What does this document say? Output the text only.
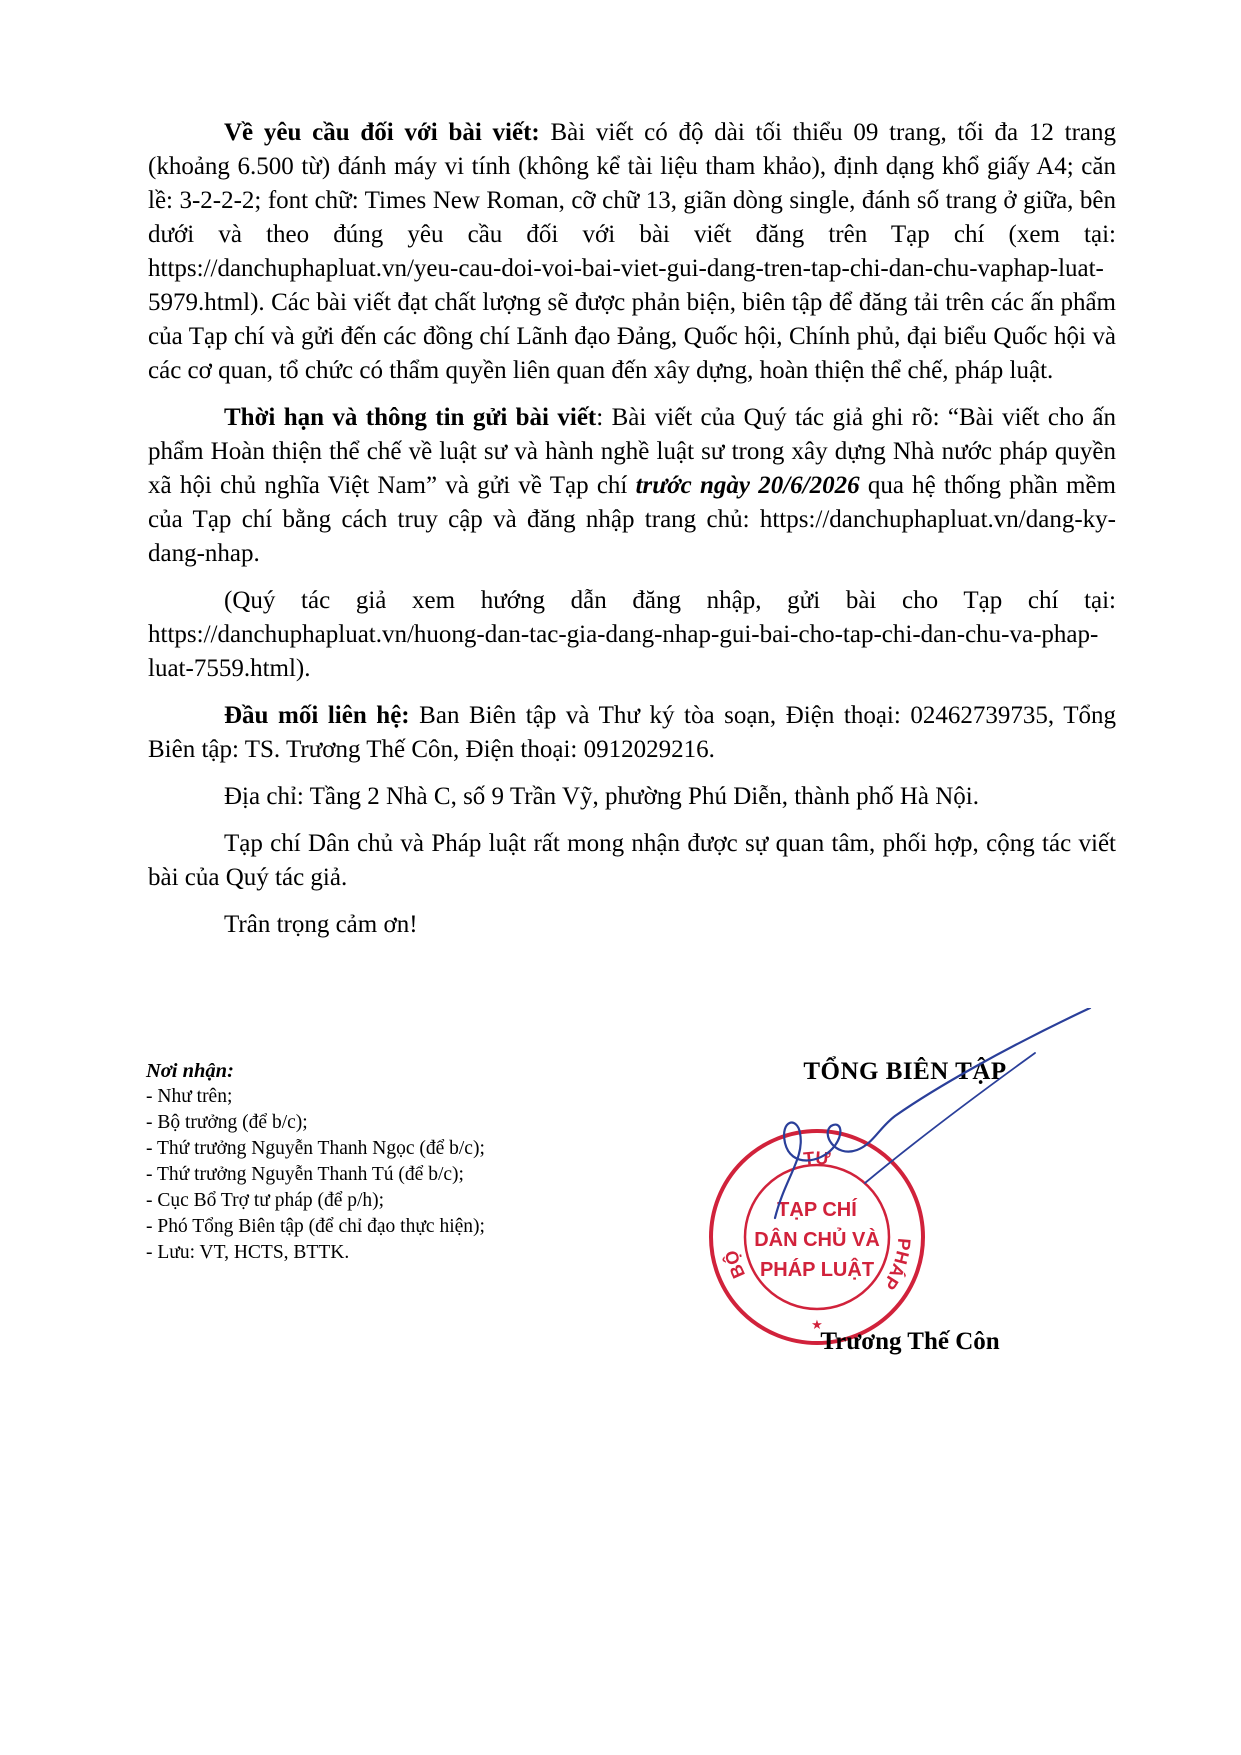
Về yêu cầu đối với bài viết: Bài viết có độ dài tối thiểu 09 trang, tối đa 12 trang (khoảng 6.500 từ) đánh máy vi tính (không kể tài liệu tham khảo), định dạng khổ giấy A4; căn lề: 3-2-2-2; font chữ: Times New Roman, cỡ chữ 13, giãn dòng single, đánh số trang ở giữa, bên dưới và theo đúng yêu cầu đối với bài viết đăng trên Tạp chí (xem tại: https://danchuphapluat.vn/yeu-cau-doi-voi-bai-viet-gui-dang-tren-tap-chi-dan-chu-vaphap-luat-5979.html). Các bài viết đạt chất lượng sẽ được phản biện, biên tập để đăng tải trên các ấn phẩm của Tạp chí và gửi đến các đồng chí Lãnh đạo Đảng, Quốc hội, Chính phủ, đại biểu Quốc hội và các cơ quan, tổ chức có thẩm quyền liên quan đến xây dựng, hoàn thiện thể chế, pháp luật.

Thời hạn và thông tin gửi bài viết: Bài viết của Quý tác giả ghi rõ: “Bài viết cho ấn phẩm Hoàn thiện thể chế về luật sư và hành nghề luật sư trong xây dựng Nhà nước pháp quyền xã hội chủ nghĩa Việt Nam” và gửi về Tạp chí trước ngày 20/6/2026 qua hệ thống phần mềm của Tạp chí bằng cách truy cập và đăng nhập trang chủ: https://danchuphapluat.vn/dang-ky-dang-nhap.

(Quý tác giả xem hướng dẫn đăng nhập, gửi bài cho Tạp chí tại: https://danchuphapluat.vn/huong-dan-tac-gia-dang-nhap-gui-bai-cho-tap-chi-dan-chu-va-phap-luat-7559.html).

Đầu mối liên hệ: Ban Biên tập và Thư ký tòa soạn, Điện thoại: 02462739735, Tổng Biên tập: TS. Trương Thế Côn, Điện thoại: 0912029216.

Địa chỉ: Tầng 2 Nhà C, số 9 Trần Vỹ, phường Phú Diễn, thành phố Hà Nội.

Tạp chí Dân chủ và Pháp luật rất mong nhận được sự quan tâm, phối hợp, cộng tác viết bài của Quý tác giả.

Trân trọng cảm ơn!

Nơi nhận:
- Như trên;
- Bộ trưởng (để b/c);
- Thứ trưởng Nguyễn Thanh Ngọc (để b/c);
- Thứ trưởng Nguyễn Thanh Tú (để b/c);
- Cục Bổ Trợ tư pháp (để p/h);
- Phó Tổng Biên tập (để chỉ đạo thực hiện);
- Lưu: VT, HCTS, BTTK.
TỔNG BIÊN TẬP
TƯ
BỘ
PHÁP
TẠP CHÍ
DÂN CHỦ VÀ
PHÁP LUẬT
★
Trương Thế Côn
